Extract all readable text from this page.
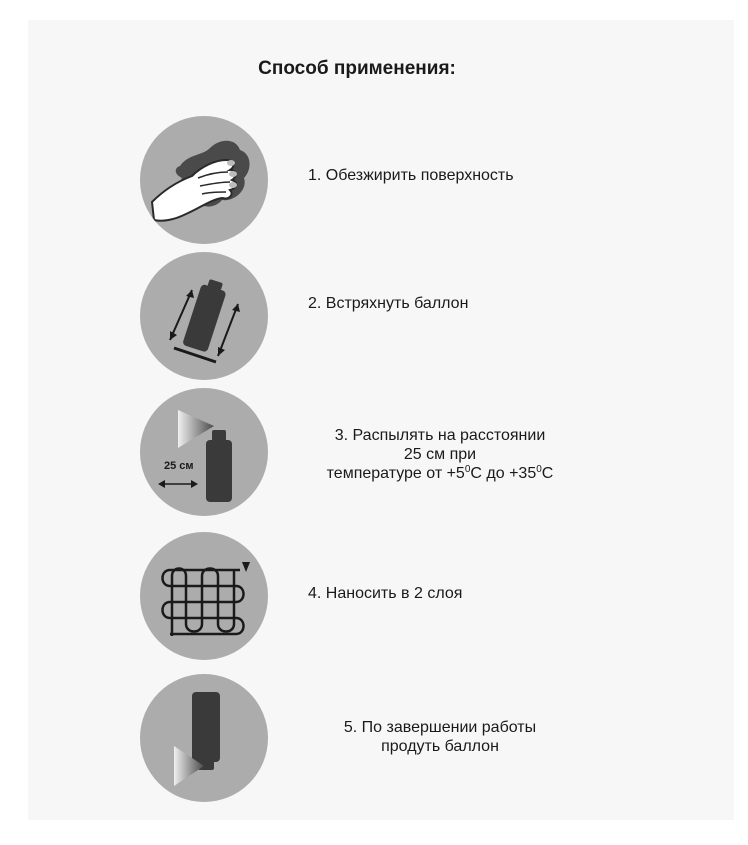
Способ применения:
1. Обезжирить поверхность
2. Встряхнуть баллон
25 см
3. Распылять на расстоянии
25 см при
температуре от $+5^0С$ до $+35^0С$
4. Наносить в 2 слоя
5. По завершении работы
продуть баллон
